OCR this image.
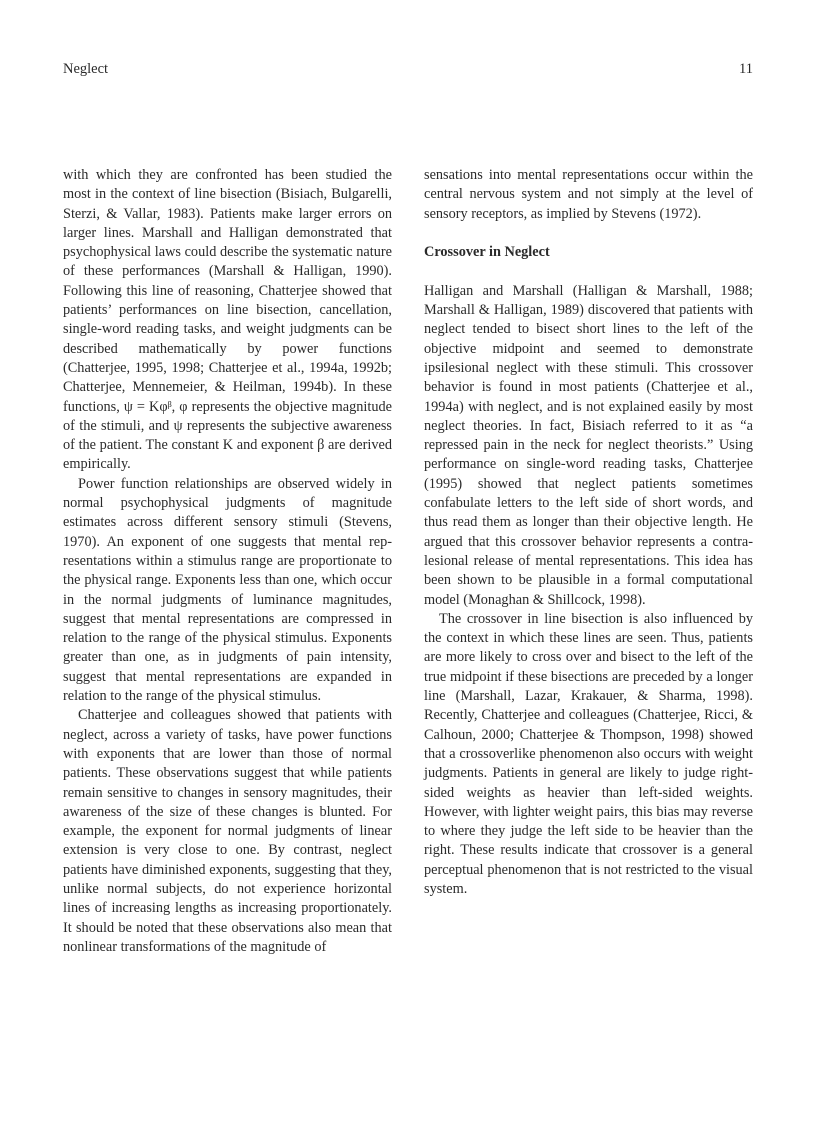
Neglect	11

with which they are confronted has been studied the most in the context of line bisection (Bisiach, Bulgarelli, Sterzi, & Vallar, 1983). Patients make larger errors on larger lines. Marshall and Halligan demonstrated that psychophysical laws could describe the systematic nature of these performances (Marshall & Halligan, 1990). Following this line of reasoning, Chatterjee showed that patients’ performances on line bisection, cancellation, single-word reading tasks, and weight judgments can be described mathematically by power functions (Chatterjee, 1995, 1998; Chatterjee et al., 1994a, 1992b; Chatterjee, Mennemeier, & Heilman, 1994b). In these functions, ψ = Kφᵝ, φ represents the objective magnitude of the stimuli, and ψ represents the subjective awareness of the patient. The constant K and exponent β are derived empirically.

Power function relationships are observed widely in normal psychophysical judgments of magnitude estimates across different sensory stimuli (Stevens, 1970). An exponent of one suggests that mental representations within a stimulus range are proportionate to the physical range. Exponents less than one, which occur in the normal judgments of luminance magnitudes, suggest that mental representations are compressed in relation to the range of the physical stimulus. Exponents greater than one, as in judgments of pain intensity, suggest that mental representations are expanded in relation to the range of the physical stimulus.

Chatterjee and colleagues showed that patients with neglect, across a variety of tasks, have power functions with exponents that are lower than those of normal patients. These observations suggest that while patients remain sensitive to changes in sensory magnitudes, their awareness of the size of these changes is blunted. For example, the exponent for normal judgments of linear extension is very close to one. By contrast, neglect patients have diminished exponents, suggesting that they, unlike normal subjects, do not experience horizontal lines of increasing lengths as increasing proportionately. It should be noted that these observations also mean that nonlinear transformations of the magnitude of

sensations into mental representations occur within the central nervous system and not simply at the level of sensory receptors, as implied by Stevens (1972).

Crossover in Neglect

Halligan and Marshall (Halligan & Marshall, 1988; Marshall & Halligan, 1989) discovered that patients with neglect tended to bisect short lines to the left of the objective midpoint and seemed to demonstrate ipsilesional neglect with these stimuli. This crossover behavior is found in most patients (Chatterjee et al., 1994a) with neglect, and is not explained easily by most neglect theories. In fact, Bisiach referred to it as “a repressed pain in the neck for neglect theorists.” Using performance on single-word reading tasks, Chatterjee (1995) showed that neglect patients sometimes confabulate letters to the left side of short words, and thus read them as longer than their objective length. He argued that this crossover behavior represents a contralesional release of mental representations. This idea has been shown to be plausible in a formal computational model (Monaghan & Shillcock, 1998).

The crossover in line bisection is also influenced by the context in which these lines are seen. Thus, patients are more likely to cross over and bisect to the left of the true midpoint if these bisections are preceded by a longer line (Marshall, Lazar, Krakauer, & Sharma, 1998). Recently, Chatterjee and colleagues (Chatterjee, Ricci, & Calhoun, 2000; Chatterjee & Thompson, 1998) showed that a crossoverlike phenomenon also occurs with weight judgments. Patients in general are likely to judge right-sided weights as heavier than left-sided weights. However, with lighter weight pairs, this bias may reverse to where they judge the left side to be heavier than the right. These results indicate that crossover is a general perceptual phenomenon that is not restricted to the visual system.
